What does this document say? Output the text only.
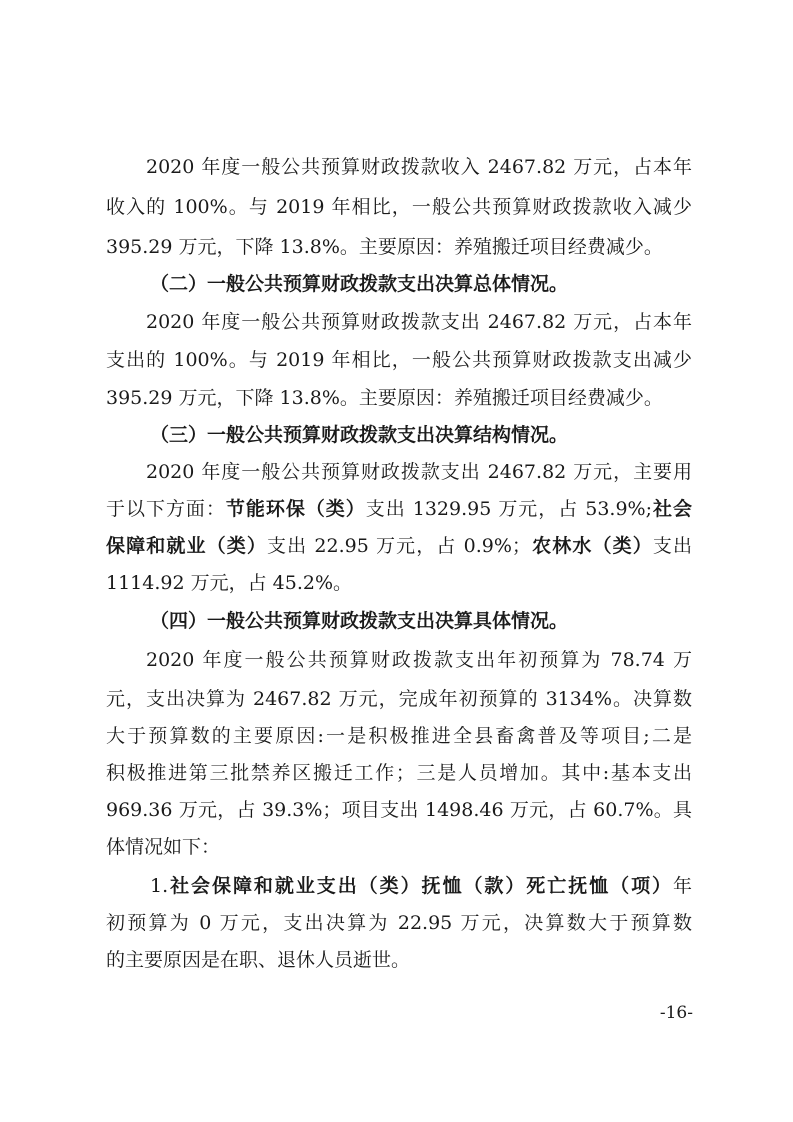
2020 年度一般公共预算财政拨款收入 2467.82 万元，占本年

收入的 100%。与 2019 年相比，一般公共预算财政拨款收入减少

395.29 万元，下降 13.8%。主要原因：养殖搬迁项目经费减少。

（二）一般公共预算财政拨款支出决算总体情况。

2020 年度一般公共预算财政拨款支出 2467.82 万元，占本年

支出的 100%。与 2019 年相比，一般公共预算财政拨款支出减少

395.29 万元，下降 13.8%。主要原因：养殖搬迁项目经费减少。

（三）一般公共预算财政拨款支出决算结构情况。

2020 年度一般公共预算财政拨款支出 2467.82 万元，主要用

于以下方面：节能环保（类）支出 1329.95 万元，占 53.9%;社会

保障和就业（类）支出 22.95 万元，占 0.9%；农林水（类）支出

1114.92 万元，占 45.2%。

（四）一般公共预算财政拨款支出决算具体情况。

2020 年度一般公共预算财政拨款支出年初预算为 78.74 万

元，支出决算为 2467.82 万元，完成年初预算的 3134%。决算数

大于预算数的主要原因:一是积极推进全县畜禽普及等项目;二是

积极推进第三批禁养区搬迁工作；三是人员增加。其中:基本支出

969.36 万元，占 39.3%；项目支出 1498.46 万元，占 60.7%。具

体情况如下：

1.社会保障和就业支出（类）抚恤（款）死亡抚恤（项）年

初预算为 0 万元，支出决算为 22.95 万元，决算数大于预算数

的主要原因是在职、退休人员逝世。

-16-
